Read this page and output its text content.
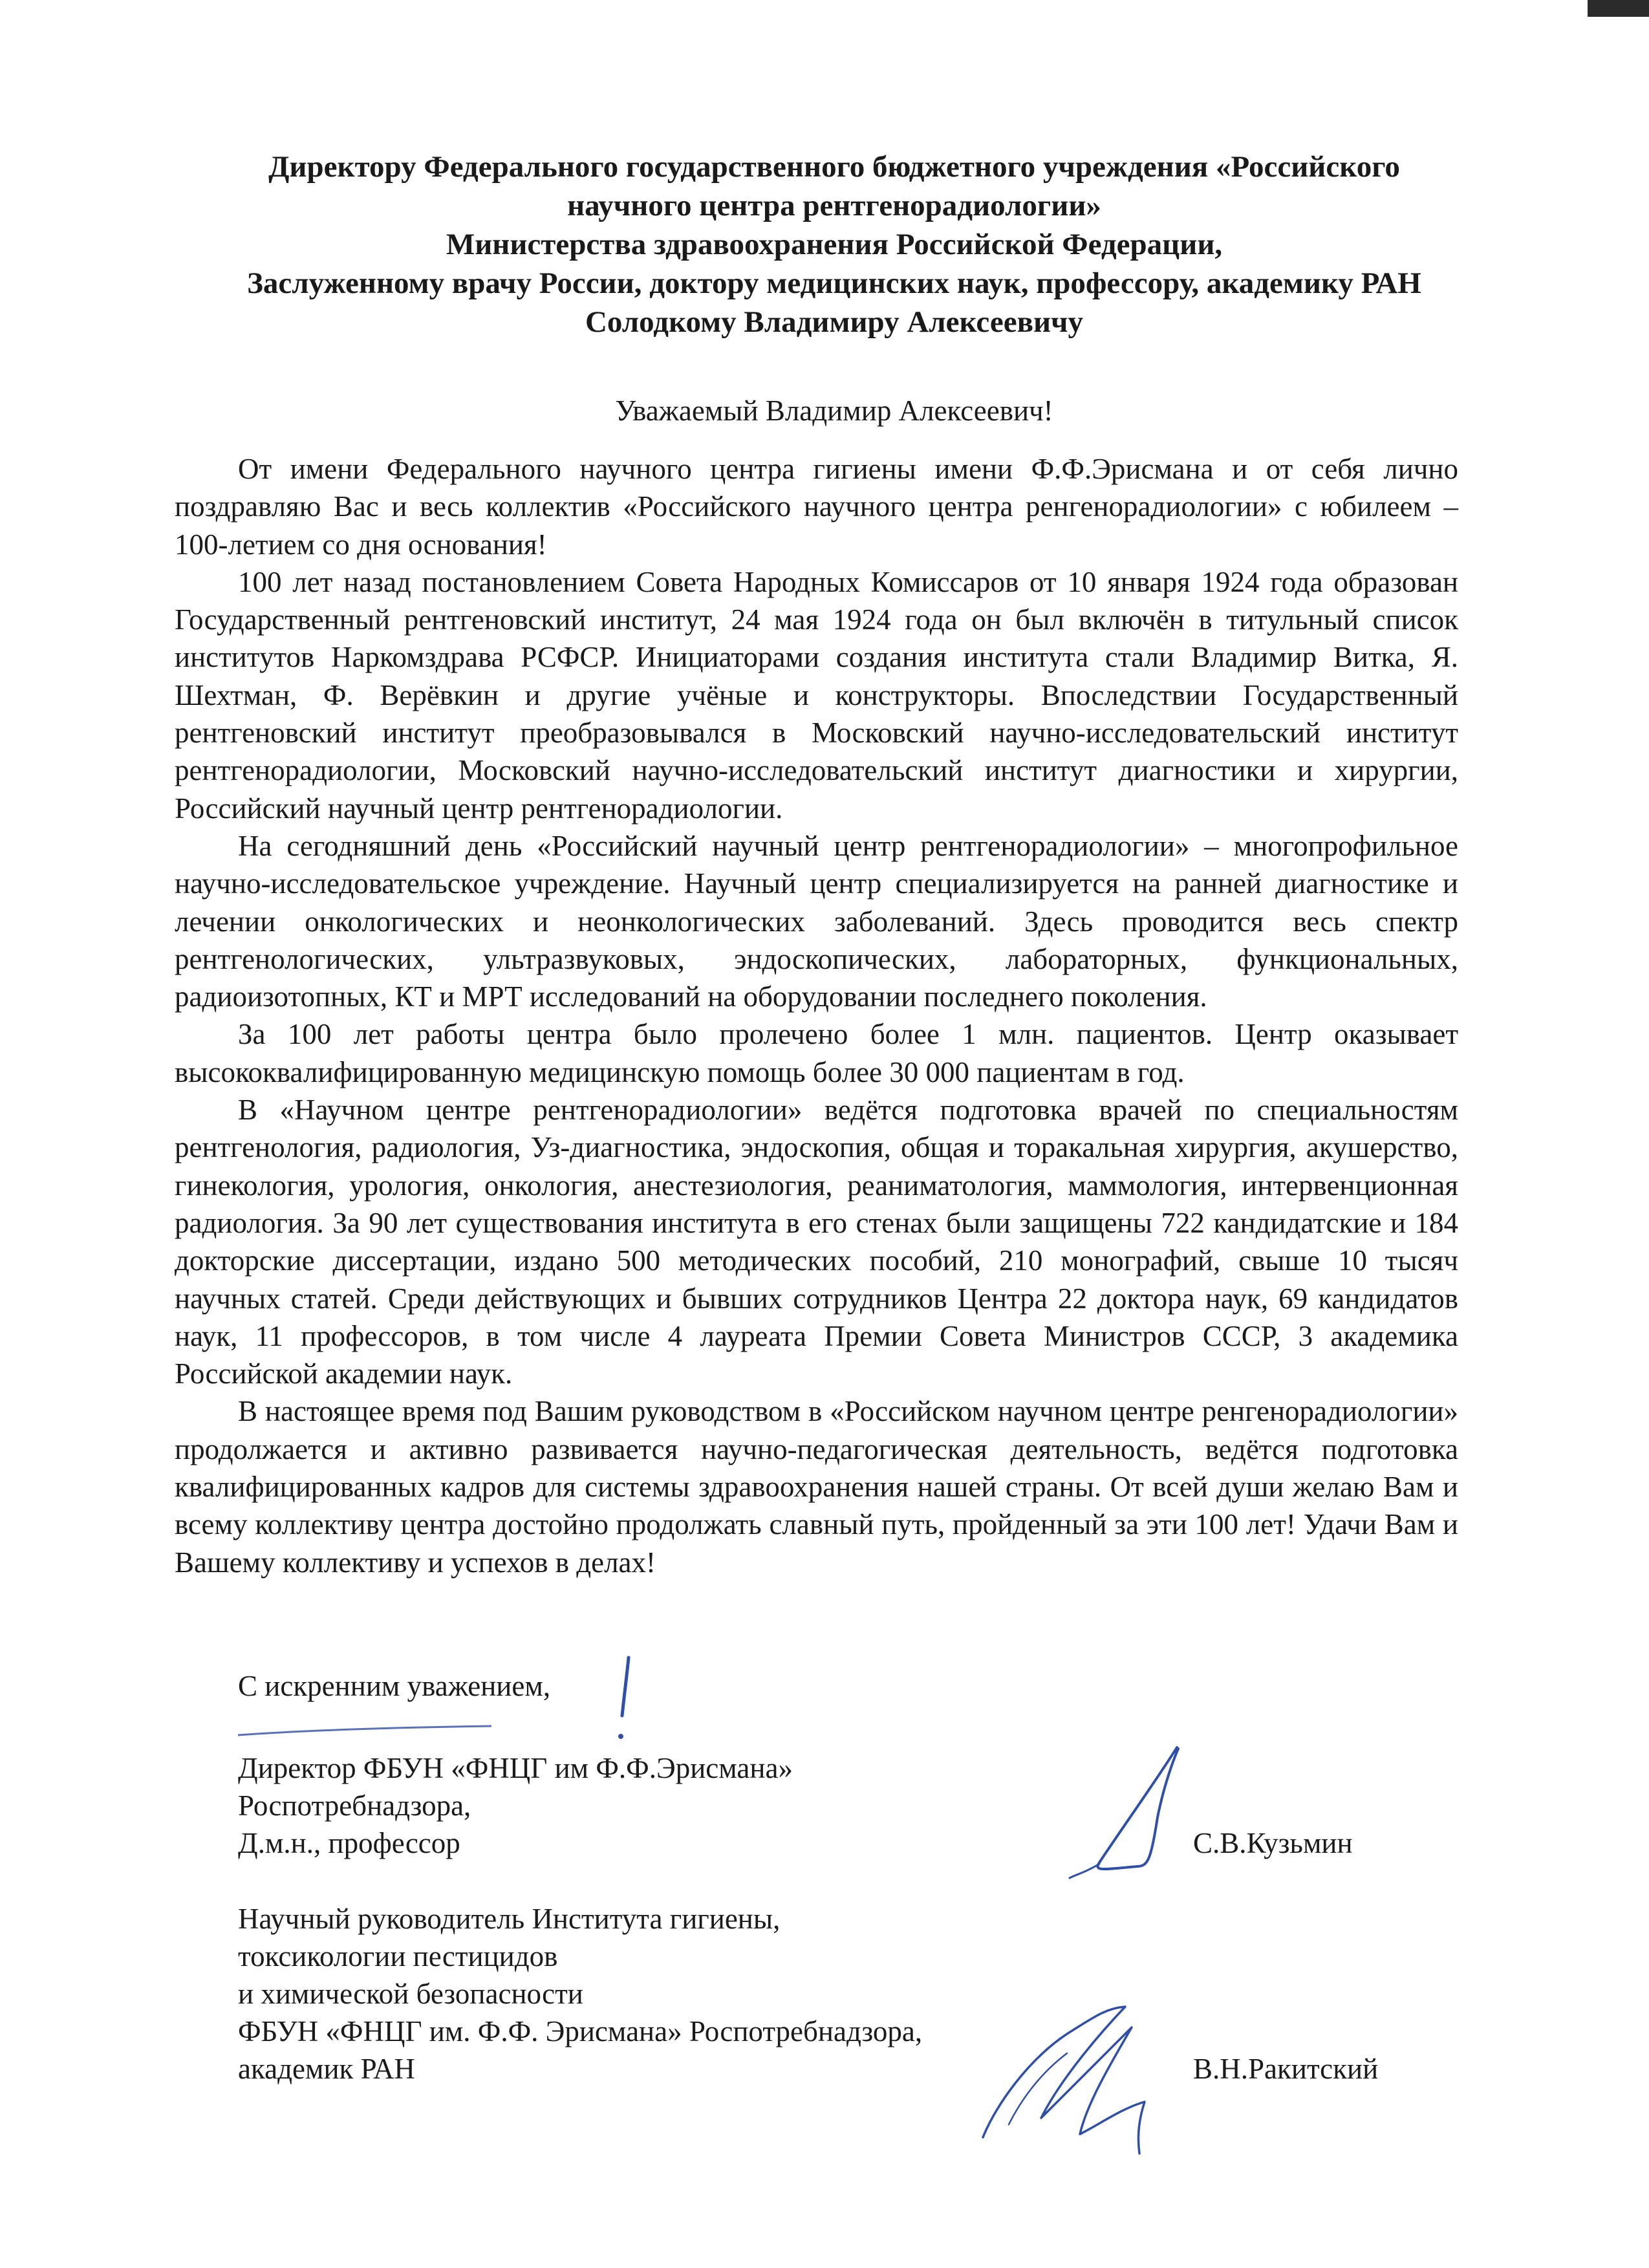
Директору Федерального государственного бюджетного учреждения «Российского
научного центра рентгенорадиологии»
Министерства здравоохранения Российской Федерации,
Заслуженному врачу России, доктору медицинских наук, профессору, академику РАН
Солодкому Владимиру Алексеевичу
Уважаемый Владимир Алексеевич!

От имени Федерального научного центра гигиены имени Ф.Ф.Эрисмана и от себя лично поздравляю Вас и весь коллектив «Российского научного центра ренгенорадиологии» с юбилеем – 100-летием со дня основания!

100 лет назад постановлением Совета Народных Комиссаров от 10 января 1924 года образован Государственный рентгеновский институт, 24 мая 1924 года он был включён в титульный список институтов Наркомздрава РСФСР. Инициаторами создания института стали Владимир Витка, Я. Шехтман, Ф. Верёвкин и другие учёные и конструкторы. Впоследствии Государственный рентгеновский институт преобразовывался в Московский научно-исследовательский институт рентгенорадиологии, Московский научно-исследовательский институт диагностики и хирургии, Российский научный центр рентгенорадиологии.

На сегодняшний день «Российский научный центр рентгенорадиологии» – многопрофильное научно-исследовательское учреждение. Научный центр специализируется на ранней диагностике и лечении онкологических и неонкологических заболеваний. Здесь проводится весь спектр рентгенологических, ультразвуковых, эндоскопических, лабораторных, функциональных, радиоизотопных, КТ и МРТ исследований на оборудовании последнего поколения.

За 100 лет работы центра было пролечено более 1 млн. пациентов. Центр оказывает высококвалифицированную медицинскую помощь более 30 000 пациентам в год.

В «Научном центре рентгенорадиологии» ведётся подготовка врачей по специальностям рентгенология, радиология, Уз-диагностика, эндоскопия, общая и торакальная хирургия, акушерство, гинекология, урология, онкология, анестезиология, реаниматология, маммология, интервенционная радиология. За 90 лет существования института в его стенах были защищены 722 кандидатские и 184 докторские диссертации, издано 500 методических пособий, 210 монографий, свыше 10 тысяч научных статей. Среди действующих и бывших сотрудников Центра 22 доктора наук, 69 кандидатов наук, 11 профессоров, в том числе 4 лауреата Премии Совета Министров СССР, 3 академика Российской академии наук.

В настоящее время под Вашим руководством в «Российском научном центре ренгенорадиологии» продолжается и активно развивается научно-педагогическая деятельность, ведётся подготовка квалифицированных кадров для системы здравоохранения нашей страны. От всей души желаю Вам и всему коллективу центра достойно продолжать славный путь, пройденный за эти 100 лет! Удачи Вам и Вашему коллективу и успехов в делах!

С искренним уважением,
Директор ФБУН «ФНЦГ им Ф.Ф.Эрисмана»
Роспотребнадзора,
Д.м.н., профессор	С.В.Кузьмин
Научный руководитель Института гигиены,
токсикологии пестицидов
и химической безопасности
ФБУН «ФНЦГ им. Ф.Ф. Эрисмана» Роспотребнадзора,
академик РАН	В.Н.Ракитский
